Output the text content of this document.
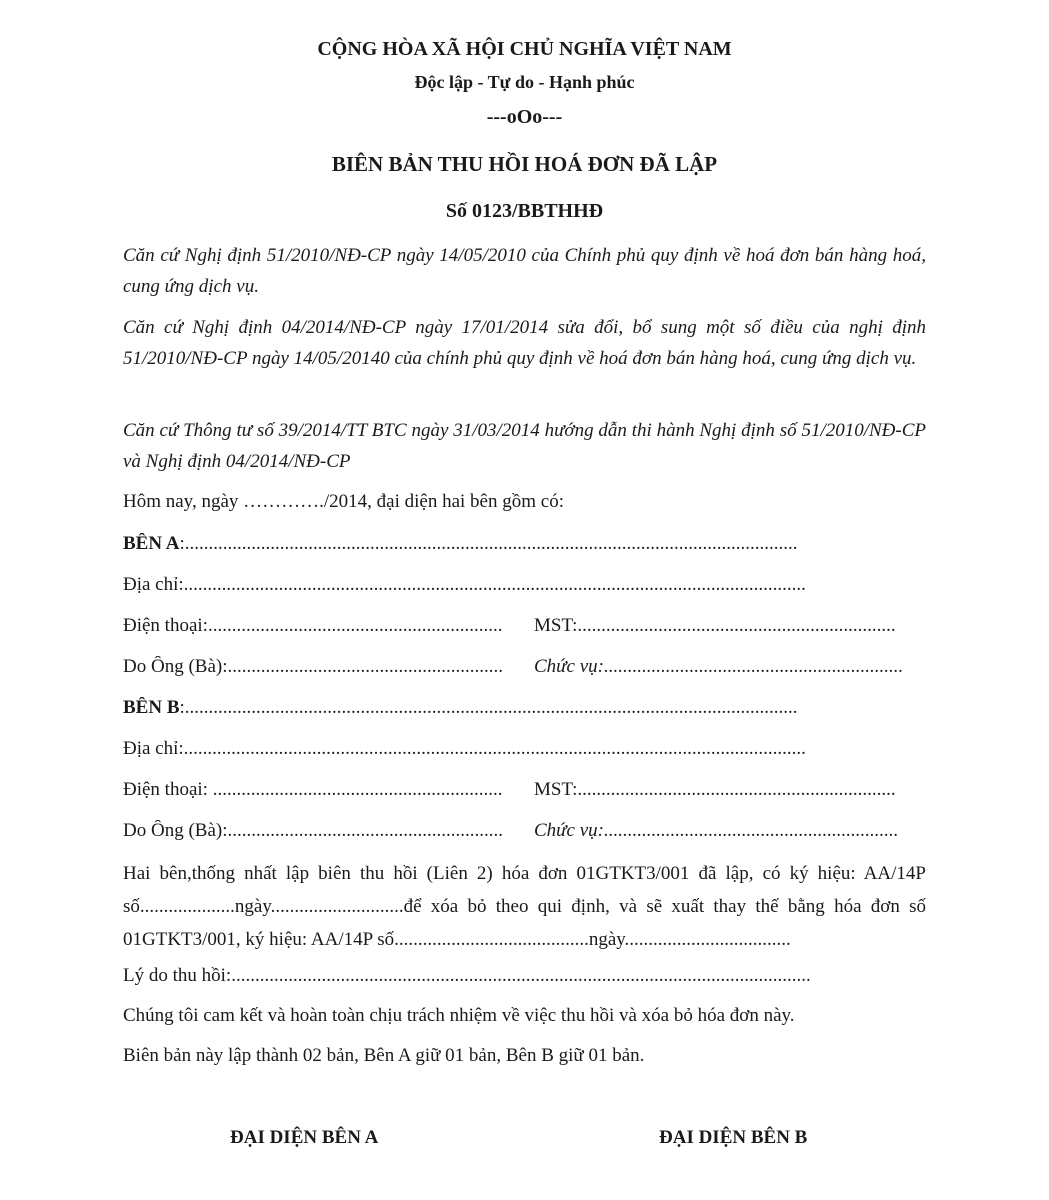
CỘNG HÒA XÃ HỘI CHỦ NGHĨA VIỆT NAM
Độc lập - Tự do - Hạnh phúc
---oOo---
BIÊN BẢN THU HỒI HOÁ ĐƠN ĐÃ LẬP
Số 0123/BBTHHĐ
Căn cứ Nghị định 51/2010/NĐ-CP ngày 14/05/2010 của Chính phủ quy định về hoá đơn bán hàng hoá, cung ứng dịch vụ.
Căn cứ Nghị định 04/2014/NĐ-CP ngày 17/01/2014 sửa đổi, bổ sung một số điều của nghị định 51/2010/NĐ-CP ngày 14/05/20140 của chính phủ quy định về hoá đơn bán hàng hoá, cung ứng dịch vụ.
Căn cứ Thông tư số 39/2014/TT BTC ngày 31/03/2014 hướng dẫn thi hành Nghị định số 51/2010/NĐ-CP và Nghị định 04/2014/NĐ-CP
Hôm nay, ngày …………./2014, đại diện hai bên gồm có:
BÊN A:.................................................................................................................................
Địa chỉ:...................................................................................................................................
Điện thoại:.............................................................. MST:...................................................................
Do Ông (Bà):.......................................................... Chức vụ:...............................................................
BÊN B:.................................................................................................................................
Địa chỉ:...................................................................................................................................
Điện thoại: ............................................................. MST:...................................................................
Do Ông (Bà):.......................................................... Chức vụ:..............................................................
Hai bên,thống nhất lập biên thu hồi (Liên 2) hóa đơn 01GTKT3/001 đã lập, có ký hiệu: AA/14P số....................ngày............................để xóa bỏ theo qui định, và sẽ xuất thay thế bằng hóa đơn số 01GTKT3/001, ký hiệu: AA/14P số.........................................ngày...................................
Lý do thu hồi:..........................................................................................................................
Chúng tôi cam kết và hoàn toàn chịu trách nhiệm về việc thu hồi và xóa bỏ hóa đơn này.
Biên bản này lập thành 02 bản, Bên A giữ 01 bản, Bên B giữ 01 bản.
ĐẠI DIỆN BÊN A	ĐẠI DIỆN BÊN B
